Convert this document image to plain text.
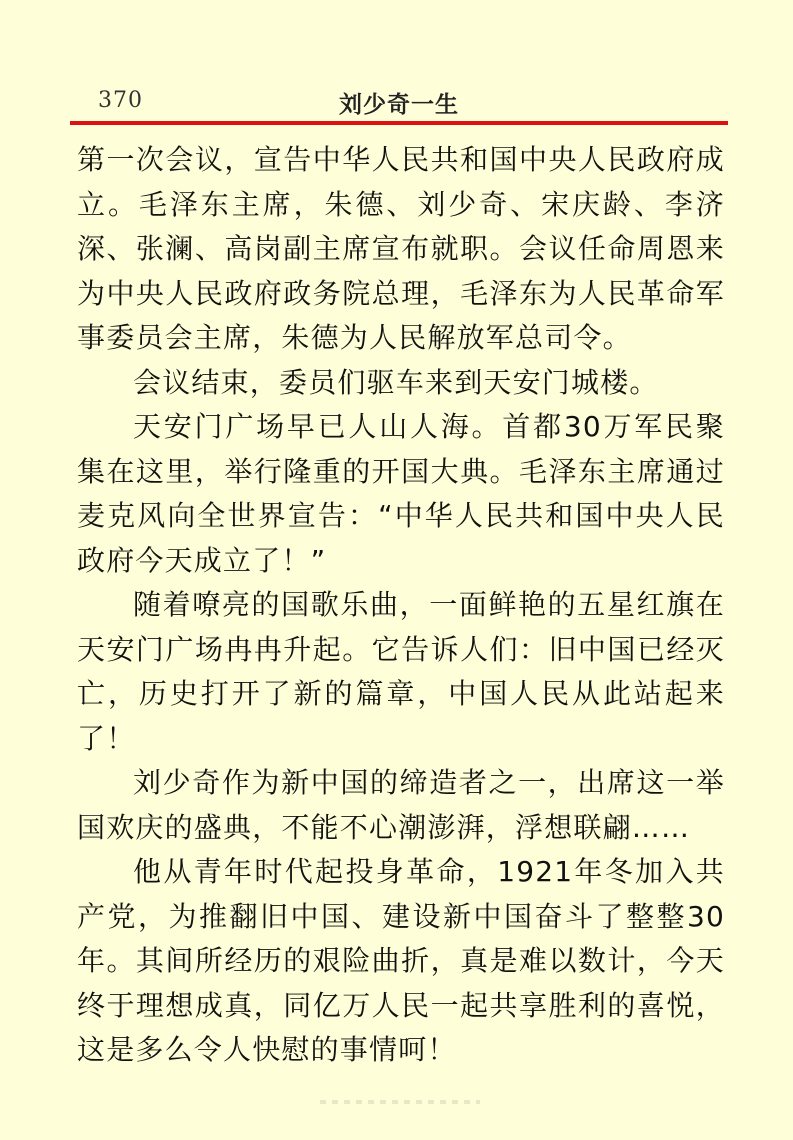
370	刘少奇一生

第一次会议，宣告中华人民共和国中央人民政府成立。毛泽东主席，朱德、刘少奇、宋庆龄、李济深、张澜、高岗副主席宣布就职。会议任命周恩来为中央人民政府政务院总理，毛泽东为人民革命军事委员会主席，朱德为人民解放军总司令。

会议结束，委员们驱车来到天安门城楼。

天安门广场早已人山人海。首都30万军民聚集在这里，举行隆重的开国大典。毛泽东主席通过麦克风向全世界宣告：“中华人民共和国中央人民政府今天成立了！”

随着嘹亮的国歌乐曲，一面鲜艳的五星红旗在天安门广场冉冉升起。它告诉人们：旧中国已经灭亡，历史打开了新的篇章，中国人民从此站起来了！

刘少奇作为新中国的缔造者之一，出席这一举国欢庆的盛典，不能不心潮澎湃，浮想联翩……

他从青年时代起投身革命，1921年冬加入共产党，为推翻旧中国、建设新中国奋斗了整整30年。其间所经历的艰险曲折，真是难以数计，今天终于理想成真，同亿万人民一起共享胜利的喜悦，这是多么令人快慰的事情呵！
